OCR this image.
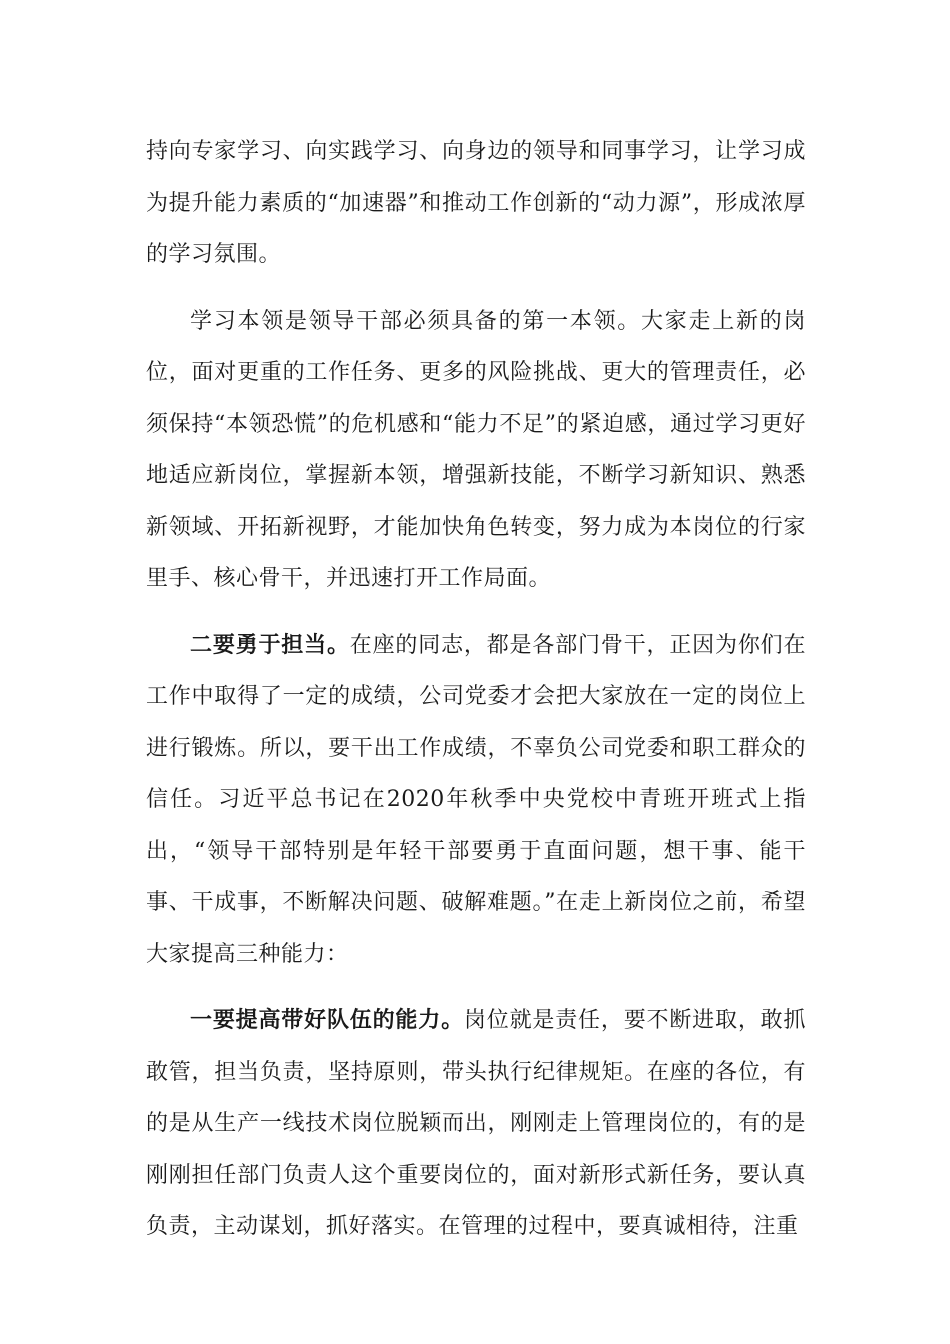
持向专家学习、向实践学习、向身边的领导和同事学习，让学习成为提升能力素质的“加速器”和推动工作创新的“动力源”，形成浓厚的学习氛围。

学习本领是领导干部必须具备的第一本领。大家走上新的岗位，面对更重的工作任务、更多的风险挑战、更大的管理责任，必须保持“本领恐慌”的危机感和“能力不足”的紧迫感，通过学习更好地适应新岗位，掌握新本领，增强新技能，不断学习新知识、熟悉新领域、开拓新视野，才能加快角色转变，努力成为本岗位的行家里手、核心骨干，并迅速打开工作局面。

二要勇于担当。在座的同志，都是各部门骨干，正因为你们在工作中取得了一定的成绩，公司党委才会把大家放在一定的岗位上进行锻炼。所以，要干出工作成绩，不辜负公司党委和职工群众的信任。习近平总书记在2020年秋季中央党校中青班开班式上指出，“领导干部特别是年轻干部要勇于直面问题，想干事、能干事、干成事，不断解决问题、破解难题。”在走上新岗位之前，希望大家提高三种能力：

一要提高带好队伍的能力。岗位就是责任，要不断进取，敢抓敢管，担当负责，坚持原则，带头执行纪律规矩。在座的各位，有的是从生产一线技术岗位脱颖而出，刚刚走上管理岗位的，有的是刚刚担任部门负责人这个重要岗位的，面对新形式新任务，要认真负责，主动谋划，抓好落实。在管理的过程中，要真诚相待，注重
